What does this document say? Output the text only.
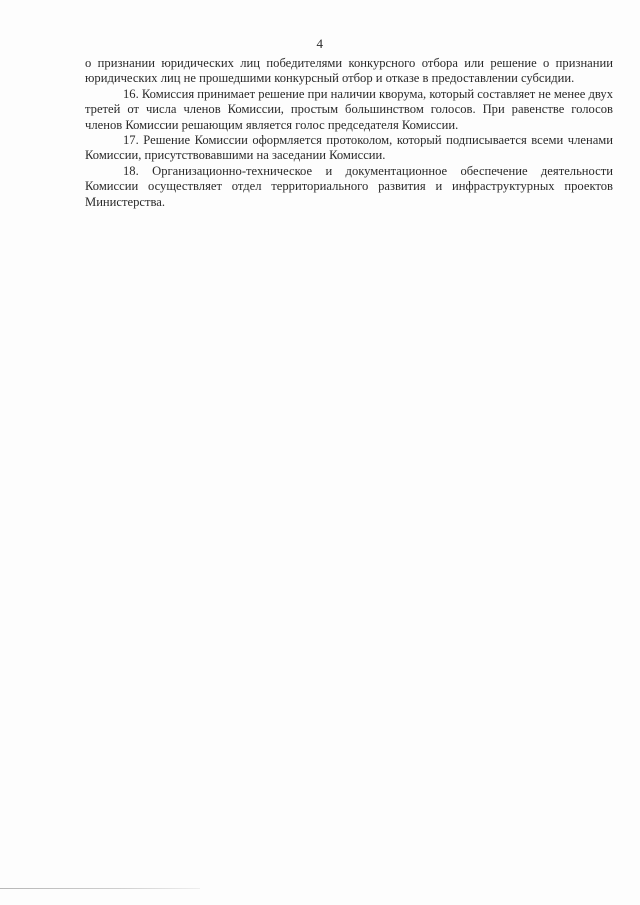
4

о признании юридических лиц победителями конкурсного отбора или решение о признании юридических лиц не прошедшими конкурсный отбор и отказе в предоставлении субсидии.

16. Комиссия принимает решение при наличии кворума, который составляет не менее двух третей от числа членов Комиссии, простым большинством голосов. При равенстве голосов членов Комиссии решающим является голос председателя Комиссии.

17. Решение Комиссии оформляется протоколом, который подписывается всеми членами Комиссии, присутствовавшими на заседании Комиссии.

18. Организационно-техническое и документационное обеспечение деятельности Комиссии осуществляет отдел территориального развития и инфраструктурных проектов Министерства.
